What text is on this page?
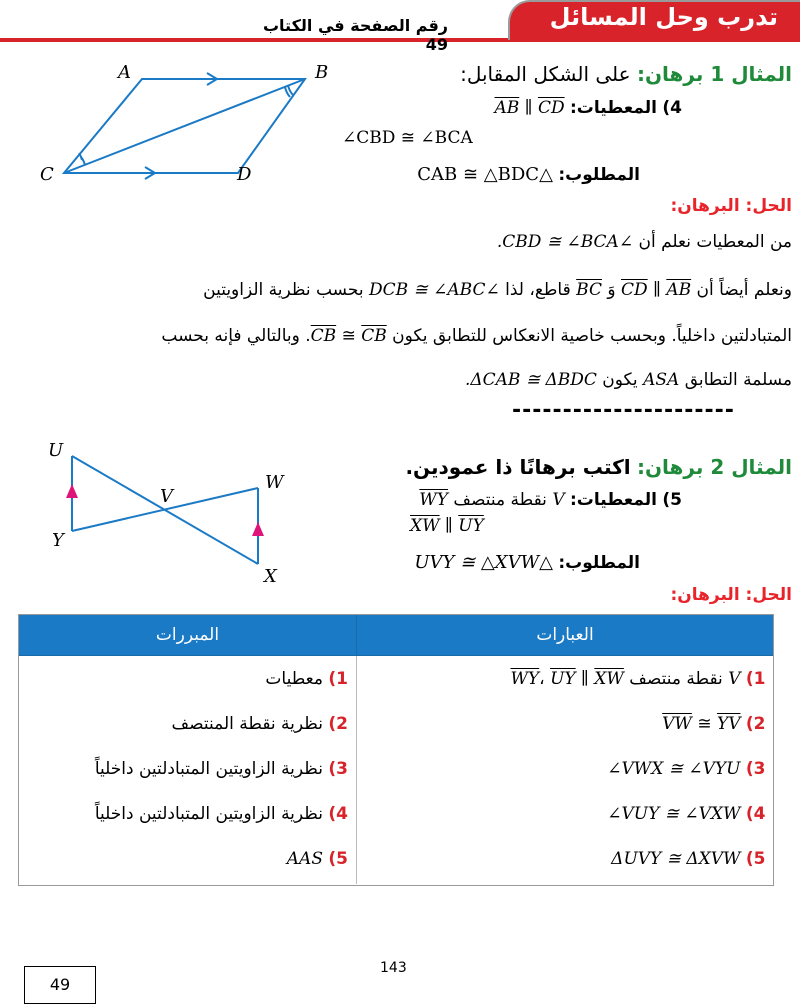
تدرب وحل المسائل
رقم الصفحة في الكتاب 49
A	B
C	D
المثال 1 برهان: على الشكل المقابل:
4) المعطيات: AB ∥ CD
∠CBD ≅ ∠BCA
المطلوب: △CAB ≅ △BDC
الحل: البرهان:
من المعطيات نعلم أن ∠CBD ≅ ∠BCA.
ونعلم أيضاً أن CD ∥ AB وَ BC قاطع، لذا ∠DCB ≅ ∠ABC بحسب نظرية الزاويتين
المتبادلتين داخلياً. وبحسب خاصية الانعكاس للتطابق يكون CB ≅ CB. وبالتالي فإنه بحسب
مسلمة التطابق ASA يكون ΔCAB ≅ ΔBDC.
----------------------
U
V
W
X
Y
المثال 2 برهان: اكتب برهانًا ذا عمودين.
5) المعطيات: V نقطة منتصف WY
$\overline{XW}$ ∥ $\overline{UY}$
المطلوب: △UVY ≅ △XVW
الحل: البرهان:
العبارات	المبررات
1) V نقطة منتصف WY، UY ∥ XW	1) معطيات
2) VW ≅ YV	2) نظرية نقطة المنتصف
3) ∠VWX ≅ ∠VYU	3) نظرية الزاويتين المتبادلتين داخلياً
4) ∠VUY ≅ ∠VXW	4) نظرية الزاويتين المتبادلتين داخلياً
5) ΔUVY ≅ ΔXVW	5) AAS
143
49
